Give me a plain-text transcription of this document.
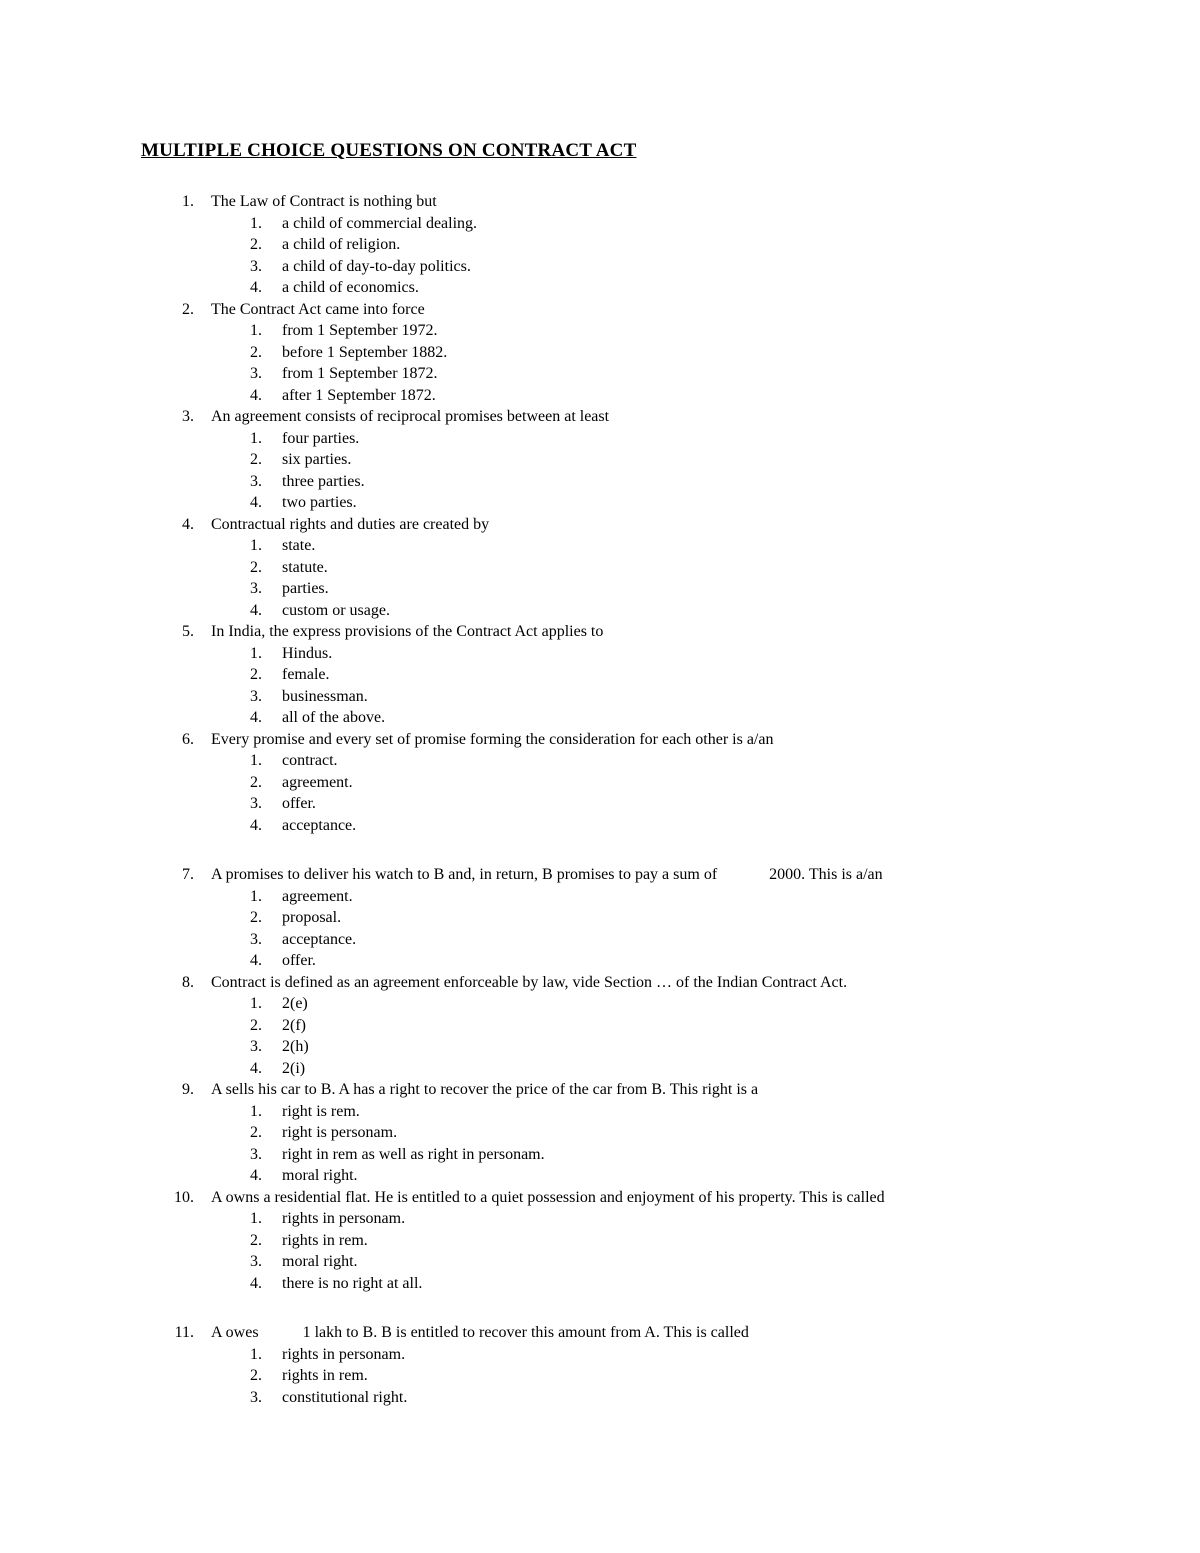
MULTIPLE CHOICE QUESTIONS ON CONTRACT ACT
1. The Law of Contract is nothing but
1. a child of commercial dealing.
2. a child of religion.
3. a child of day-to-day politics.
4. a child of economics.
2. The Contract Act came into force
1. from 1 September 1972.
2. before 1 September 1882.
3. from 1 September 1872.
4. after 1 September 1872.
3. An agreement consists of reciprocal promises between at least
1. four parties.
2. six parties.
3. three parties.
4. two parties.
4. Contractual rights and duties are created by
1. state.
2. statute.
3. parties.
4. custom or usage.
5. In India, the express provisions of the Contract Act applies to
1. Hindus.
2. female.
3. businessman.
4. all of the above.
6. Every promise and every set of promise forming the consideration for each other is a/an
1. contract.
2. agreement.
3. offer.
4. acceptance.
7. A promises to deliver his watch to B and, in return, B promises to pay a sum of	2000. This is a/an
1. agreement.
2. proposal.
3. acceptance.
4. offer.
8. Contract is defined as an agreement enforceable by law, vide Section … of the Indian Contract Act.
1. 2(e)
2. 2(f)
3. 2(h)
4. 2(i)
9. A sells his car to B. A has a right to recover the price of the car from B. This right is a
1. right is rem.
2. right is personam.
3. right in rem as well as right in personam.
4. moral right.
10. A owns a residential flat. He is entitled to a quiet possession and enjoyment of his property. This is called
1. rights in personam.
2. rights in rem.
3. moral right.
4. there is no right at all.
11. A owes	1 lakh to B. B is entitled to recover this amount from A. This is called
1. rights in personam.
2. rights in rem.
3. constitutional right.
